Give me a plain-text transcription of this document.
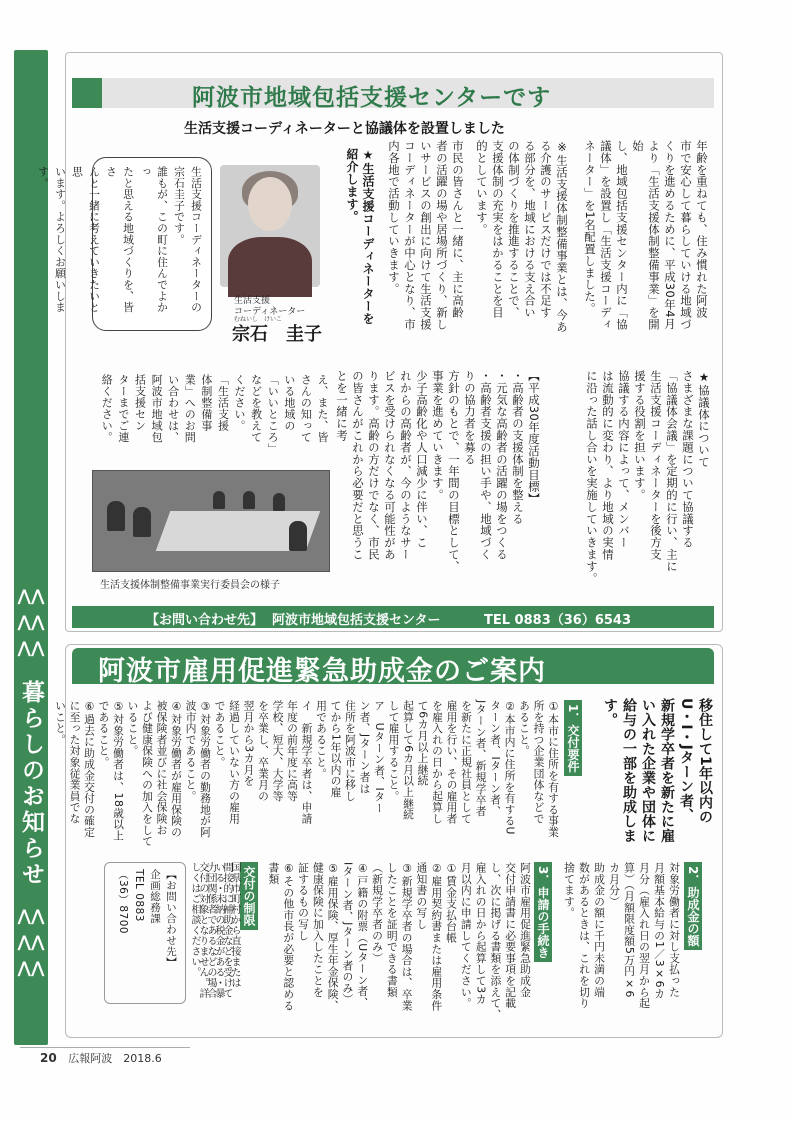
⋀⋀
⋀⋀
⋀⋀
暮らしのお知らせ
⋀⋀
⋀⋀
⋀⋀
阿波市地域包括支援センターです
生活支援コーディネーターと協議体を設置しました
年齢を重ねても、住み慣れた阿波
市で安心して暮らしていける地域づ
くりを進めるために、平成30年4月
より「生活支援体制整備事業」を開始
し、地域包括支援センター内に「協
議体」を設置し「生活支援コーディ
ネーター」を1名配置しました。
※生活支援体制整備事業とは、今あ
る介護のサービスだけでは不足す
る部分を、地域における支え合い
の体制づくりを推進することで、
支援体制の充実をはかることを目
的としています。
市民の皆さんと一緒に、主に高齢
者の活躍の場や居場所づくり、新し
いサービスの創出に向けて生活支援
コーディネーターが中心となり、市
内各地で活動していきます。
★生活支援コーディネーターを
紹介します。
生活支援コーディネーターの
宗石圭子です。
誰もが、この町に住んでよかっ
たと思える地域づくりを、皆さ
んと一緒に考えていきたいと思
います。よろしくお願いします。
生活支援
コーディネーター
むねいし　けいこ
宗石　圭子
★協議体について
さまざまな課題について協議する
「協議体会議」を定期的に行い、主に
生活支援コーディネーターを後方支
援する役割を担います。
協議する内容によって、メンバー
は流動的に変わり、より地域の実情
に沿った話し合いを実施していきます。
【平成30年度活動目標】
・高齢者の支援体制を整える
・元気な高齢者の活躍の場をつくる
・高齢者支援の担い手や、地域づく
りの協力者を募る
方針のもとで、一年間の目標として、
事業を進めていきます。
少子高齢化や人口減少に伴い、こ
れからの高齢者が、今のようなサー
ビスを受けられなくなる可能性があ
ります。高齢の方だけでなく、市民
の皆さんがこれから必要だと思うこ
とを一緒に考
え、また、皆
さんの知って
いる地域の
「いいところ」
などを教えて
ください。
「生活支援
体制整備事
業」へのお問
い合わせは、
阿波市地域包
括支援セン
ターまでご連
絡ください。
生活支援体制整備事業実行委員会の様子
【お問い合わせ先】 阿波市地域包括支援センター	TEL 0883（36）6543
阿波市雇用促進緊急助成金のご案内
移住して1年以内の
U・I・Jターン者、
新規学卒者を新たに雇
い入れた企業や団体に
給与の一部を助成しま
す。
1．交付要件
①本市に住所を有する事業
所を持つ企業団体などで
あること。
②本市内に住所を有するU
ターン者、Iターン者、
Jターン者、新規学卒者
を新たに正規社員として
雇用を行い、その雇用者
を雇入れの日から起算し
て6カ月以上継続
起算して6カ月以上継続
して雇用すること。
ア　Uターン者、Iター
ン者、Jターン者は
住所を阿波市に移し
てから1年以内の雇
用であること。
イ　新規学卒者は、申請
年度の前年度に高等
学校、短大、大学等
を卒業し、卒業月の
翌月から3カ月を
経過していない方の雇用
であること。
③対象労働者の勤務地が阿
波市内であること。
④対象労働者が雇用保険の
被保険者並びに社会保険お
よび健康保険への加入をして
いること。
⑤対象労働者は、18歳以上
であること。
⑥過去に助成金交付の確定
に至った対象従業員でな
いこと。
2．助成金の額
対象労働者に対し支払った
月額基本給与の1／3×6カ
月分（雇入れ日の翌月から起
算）（月額限度額5万円×6
カ月分）
助成金の額に千円未満の端
数があるときは、これを切り
捨てます。
3．申請の手続き
阿波市雇用促進緊急助成金
交付申請書に必要事項を記載
し、次に掲げる書類を添えて、
雇入れの日から起算して3カ
月以内に申請してください。
①賃金支払台帳
②雇用契約書または雇用条件
通知書の写し
③新規学卒者の場合は、卒業
したことを証明できる書類
（新規学卒者のみ）
④戸籍の附票（Uターン者、
Iターン者、Jターン者のみ）
⑤雇用保険、厚生年金保険、
健康保険に加入したことを
証するもの写し
⑥その他市長が必要と認める
書類
交付の制限
国県市町村から直接または
間接的に補助金などを受けて
いる・未納の税金がある・暴
力団関係者であるなどの場合
交付の対象となりません。詳
しくはご相談ください。
【お問い合わせ先】
企画総務課
TEL 0883
（36）8700
20 広報阿波　2018.6
